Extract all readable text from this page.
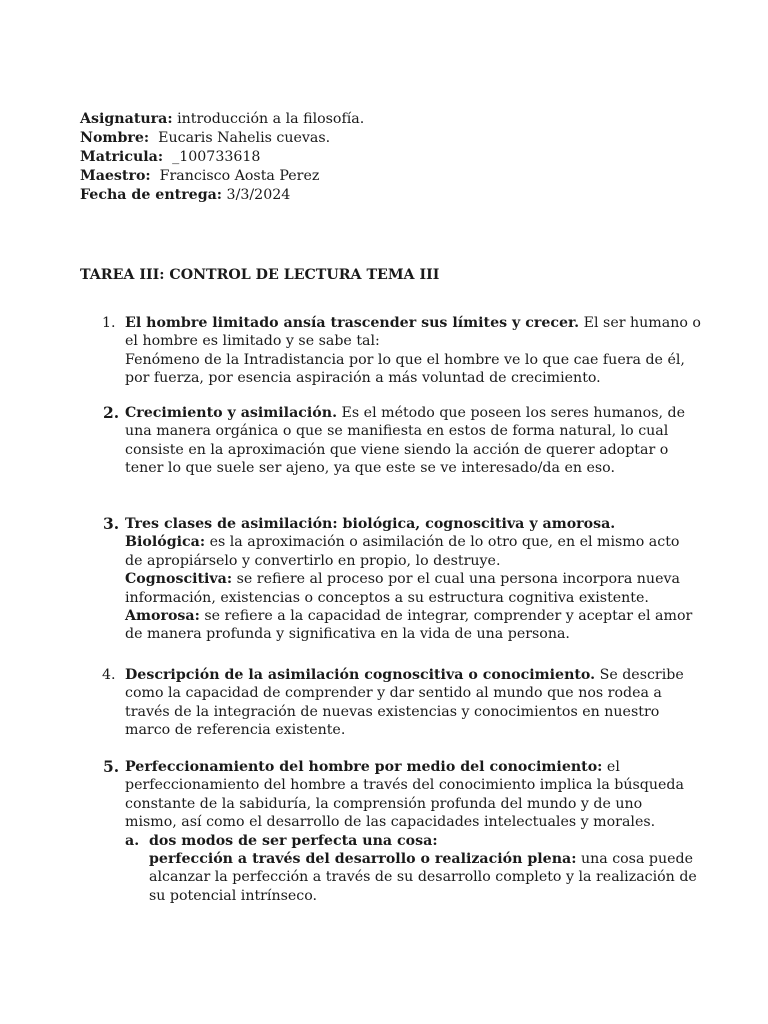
Asignatura: introducción a la filosofía.
Nombre:  Eucaris Nahelis cuevas.
Matricula:  _100733618
Maestro:  Francisco Aosta Perez
Fecha de entrega: 3/3/2024
TAREA III: CONTROL DE LECTURA TEMA III
1. El hombre limitado ansía trascender sus límites y crecer. El ser humano o
el hombre es limitado y se sabe tal:
Fenómeno de la Intradistancia por lo que el hombre ve lo que cae fuera de él,
por fuerza, por esencia aspiración a más voluntad de crecimiento.
2. Crecimiento y asimilación. Es el método que poseen los seres humanos, de
una manera orgánica o que se manifiesta en estos de forma natural, lo cual
consiste en la aproximación que viene siendo la acción de querer adoptar o
tener lo que suele ser ajeno, ya que este se ve interesado/da en eso.
3. Tres clases de asimilación: biológica, cognoscitiva y amorosa.
Biológica: es la aproximación o asimilación de lo otro que, en el mismo acto
de apropiárselo y convertirlo en propio, lo destruye.
Cognoscitiva: se refiere al proceso por el cual una persona incorpora nueva
información, existencias o conceptos a su estructura cognitiva existente.
Amorosa: se refiere a la capacidad de integrar, comprender y aceptar el amor
de manera profunda y significativa en la vida de una persona.
4. Descripción de la asimilación cognoscitiva o conocimiento. Se describe
como la capacidad de comprender y dar sentido al mundo que nos rodea a
través de la integración de nuevas existencias y conocimientos en nuestro
marco de referencia existente.
5. Perfeccionamiento del hombre por medio del conocimiento: el
perfeccionamiento del hombre a través del conocimiento implica la búsqueda
constante de la sabiduría, la comprensión profunda del mundo y de uno
mismo, así como el desarrollo de las capacidades intelectuales y morales.
a. dos modos de ser perfecta una cosa:
perfección a través del desarrollo o realización plena: una cosa puede
alcanzar la perfección a través de su desarrollo completo y la realización de
su potencial intrínseco.
